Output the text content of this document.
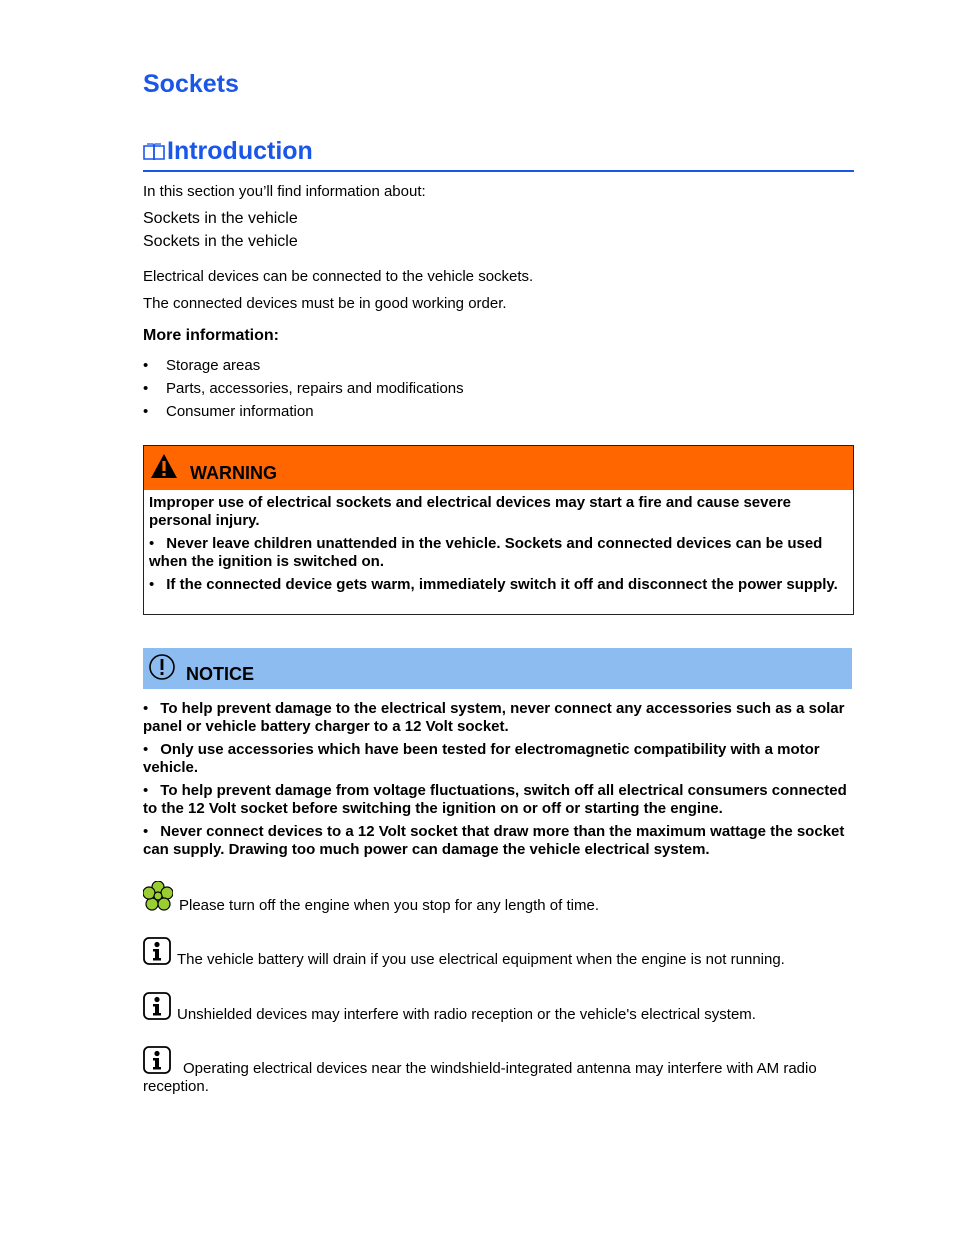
Sockets
Introduction
In this section you’ll find information about:
Sockets in the vehicle
Sockets in the vehicle
Electrical devices can be connected to the vehicle sockets.
The connected devices must be in good working order.
More information:
• Storage areas
• Parts, accessories, repairs and modifications
• Consumer information
WARNING
Improper use of electrical sockets and electrical devices may start a fire and cause severe personal injury.
• Never leave children unattended in the vehicle. Sockets and connected devices can be used when the ignition is switched on.
• If the connected device gets warm, immediately switch it off and disconnect the power supply.
NOTICE
• To help prevent damage to the electrical system, never connect any accessories such as a solar panel or vehicle battery charger to a 12 Volt socket.
• Only use accessories which have been tested for electromagnetic compatibility with a motor vehicle.
• To help prevent damage from voltage fluctuations, switch off all electrical consumers connected to the 12 Volt socket before switching the ignition on or off or starting the engine.
• Never connect devices to a 12 Volt socket that draw more than the maximum wattage the socket can supply. Drawing too much power can damage the vehicle electrical system.
Please turn off the engine when you stop for any length of time.
The vehicle battery will drain if you use electrical equipment when the engine is not running.
Unshielded devices may interfere with radio reception or the vehicle's electrical system.
Operating electrical devices near the windshield-integrated antenna may interfere with AM radio reception.
